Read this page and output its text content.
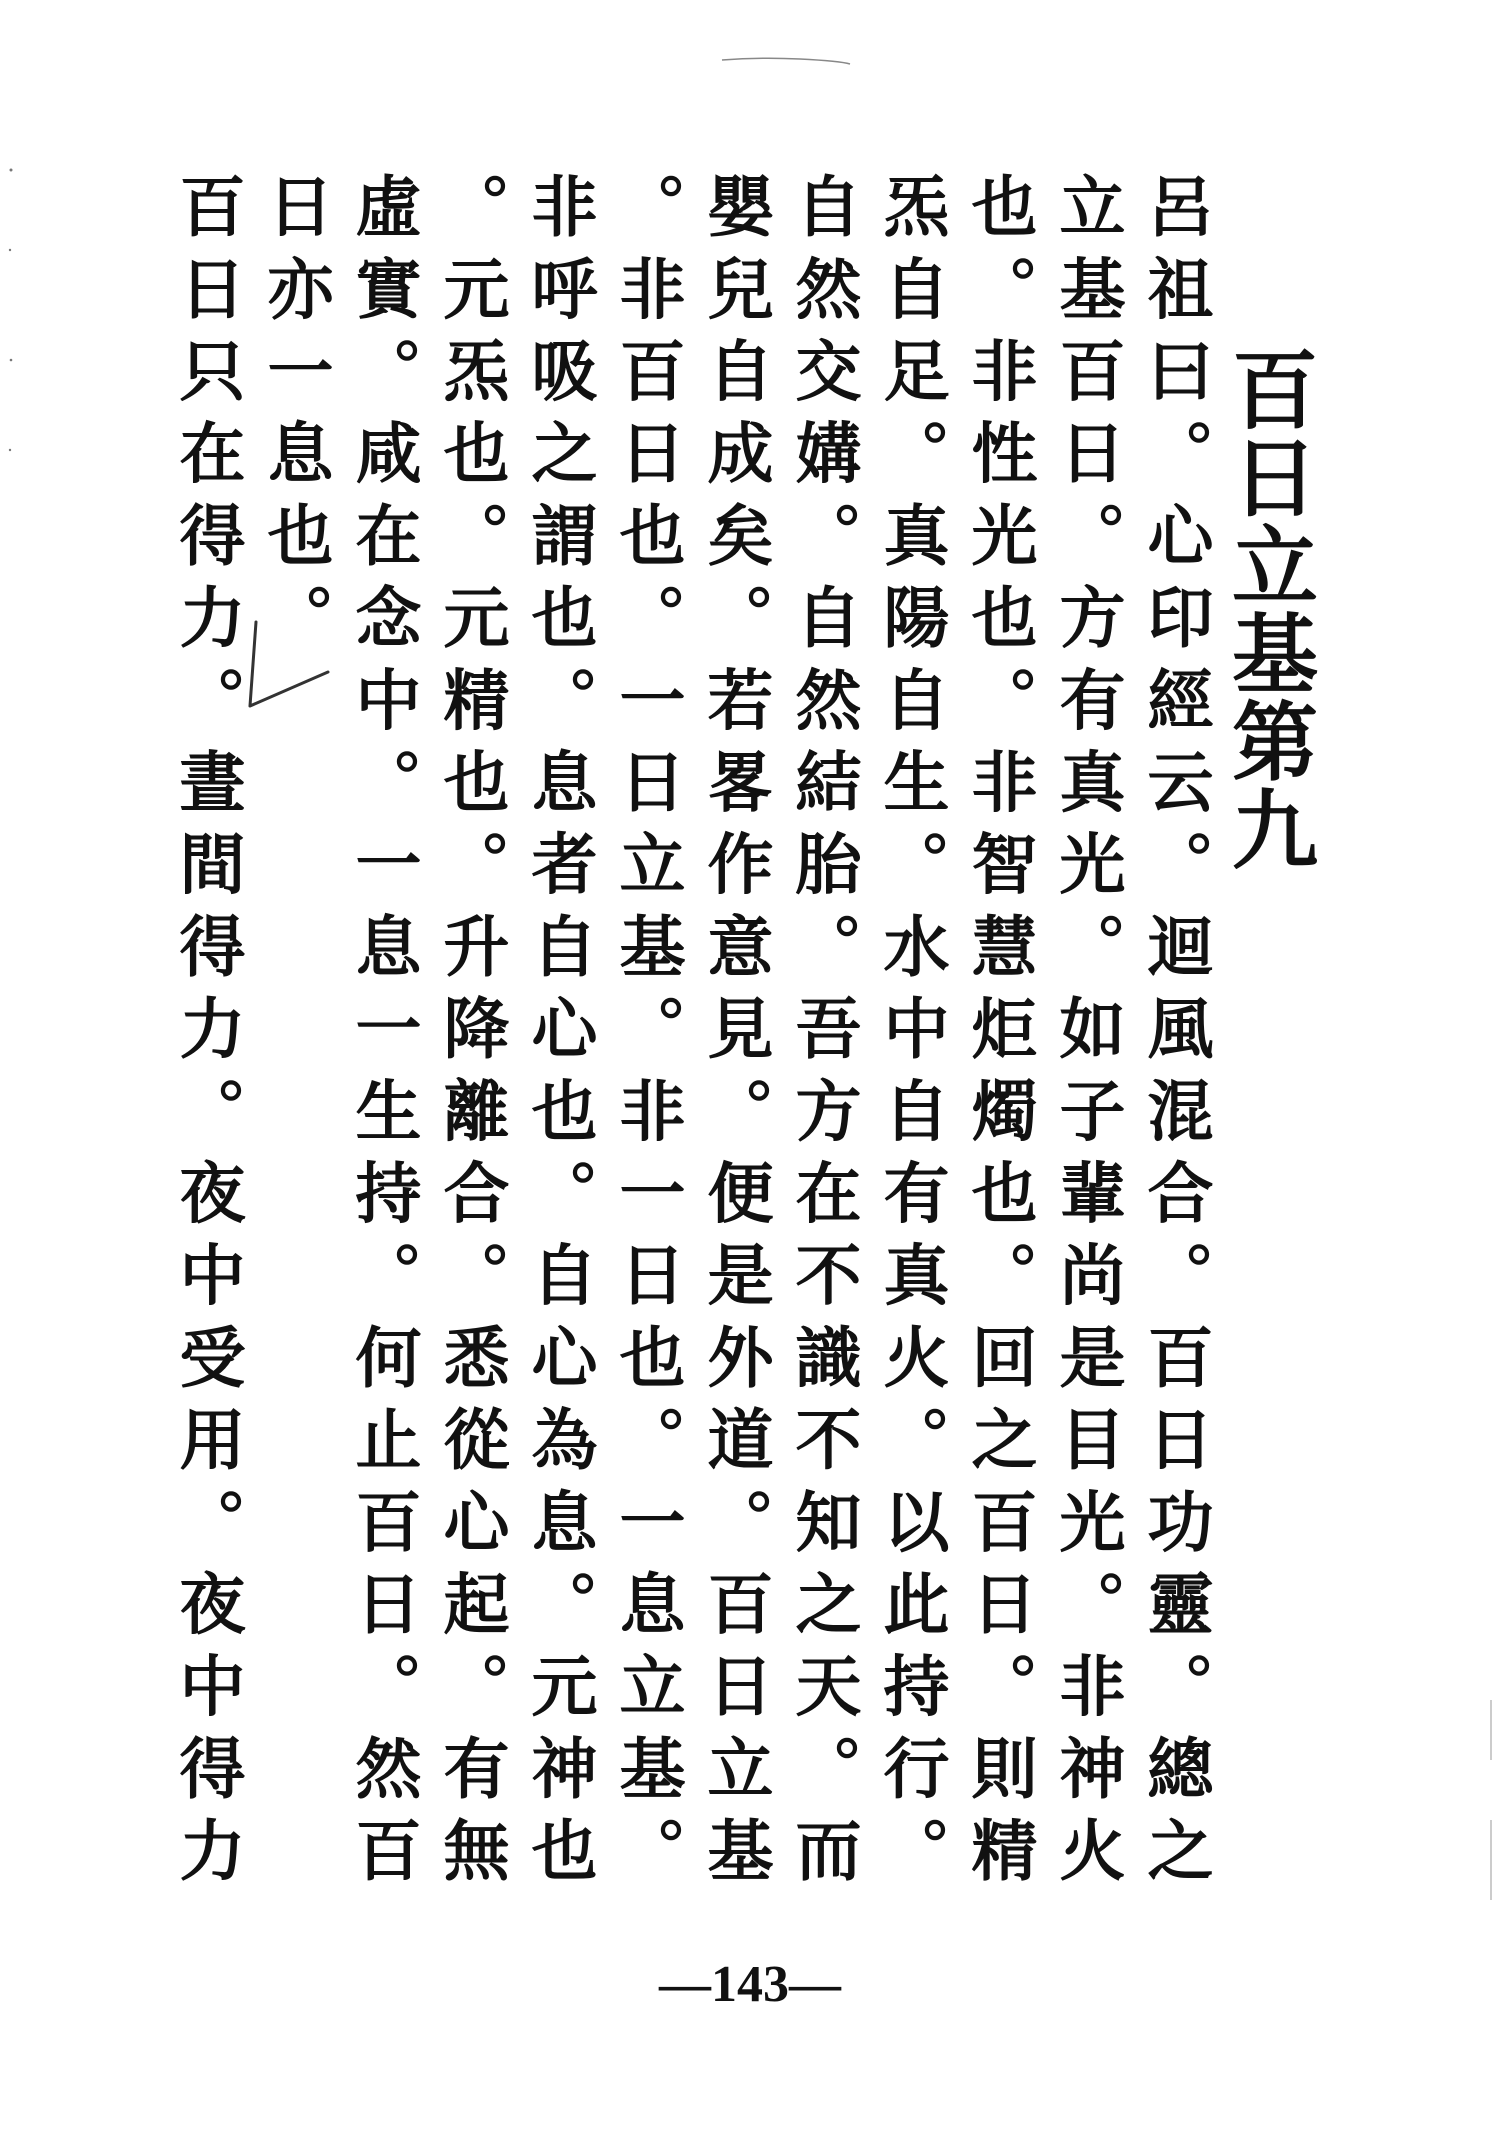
百日立基第九
呂祖曰。心印經云。迴風混合。百日功靈。總之
立基百日。方有真光。如子輩尚是目光。非神火
也。非性光也。非智慧炬燭也。回之百日。則精
炁自足。真陽自生。水中自有真火。以此持行。
自然交媾。自然結胎。吾方在不識不知之天。而
嬰兒自成矣。若畧作意見。便是外道。百日立基
。非百日也。一日立基。非一日也。一息立基。
非呼吸之謂也。息者自心也。自心為息。元神也
。元炁也。元精也。升降離合。悉從心起。有無
虛實。咸在念中。一息一生持。何止百日。然百
日亦一息也。
百日只在得力。晝間得力。夜中受用。夜中得力
—143—
